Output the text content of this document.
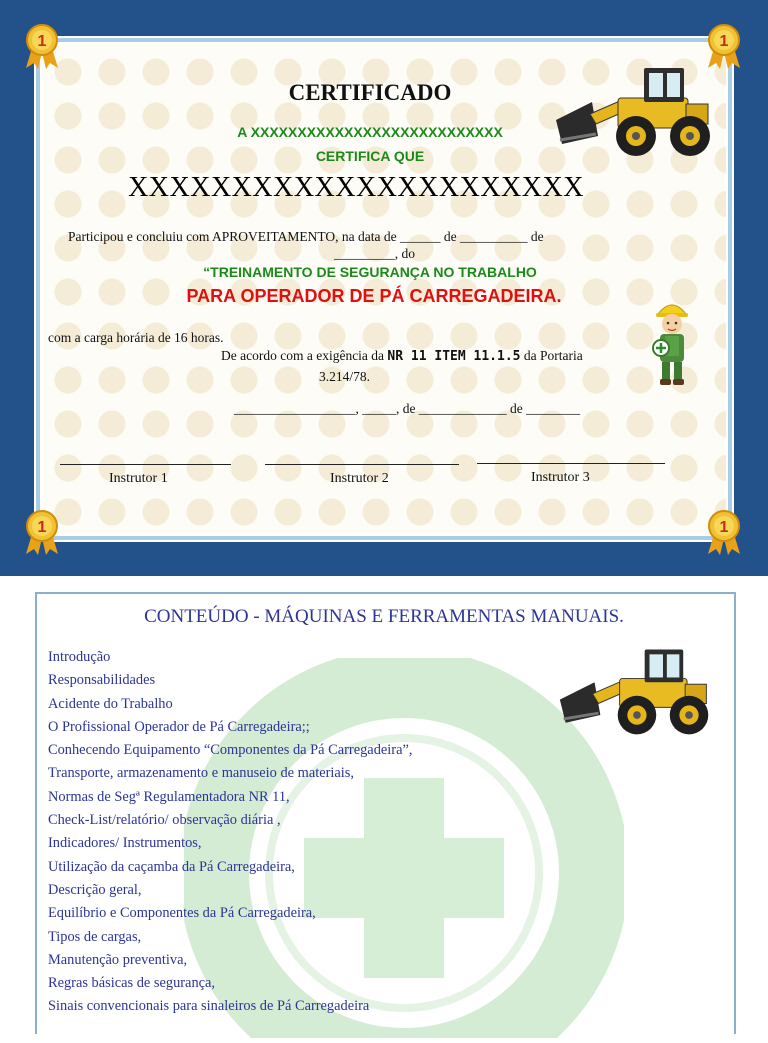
1	1
1	1
CERTIFICADO
A XXXXXXXXXXXXXXXXXXXXXXXXXXX
CERTIFICA QUE
XXXXXXXXXXXXXXXXXXXXXX
Participou e concluiu com APROVEITAMENTO, na data de ______ de __________ de
_________, do
“TREINAMENTO DE SEGURANÇA NO TRABALHO
PARA OPERADOR DE PÁ CARREGADEIRA.
com a carga horária de 16 horas.
De acordo com a exigência da NR 11 ITEM 11.1.5 da Portaria
3.214/78.
__________________, _____, de _____________ de ________
Instrutor 1	Instrutor 2	Instrutor 3
CONTEÚDO - MÁQUINAS E FERRAMENTAS MANUAIS.
Introdução
Responsabilidades
Acidente do Trabalho
O Profissional Operador de Pá Carregadeira;;
Conhecendo Equipamento “Componentes da Pá Carregadeira”,
Transporte, armazenamento e manuseio de materiais,
Normas de Segª Regulamentadora NR 11,
Check-List/relatório/ observação diária ,
Indicadores/ Instrumentos,
Utilização da caçamba da Pá Carregadeira,
Descrição geral,
Equilíbrio e Componentes da Pá Carregadeira,
Tipos de cargas,
Manutenção preventiva,
Regras básicas de segurança,
Sinais convencionais para sinaleiros de Pá Carregadeira
